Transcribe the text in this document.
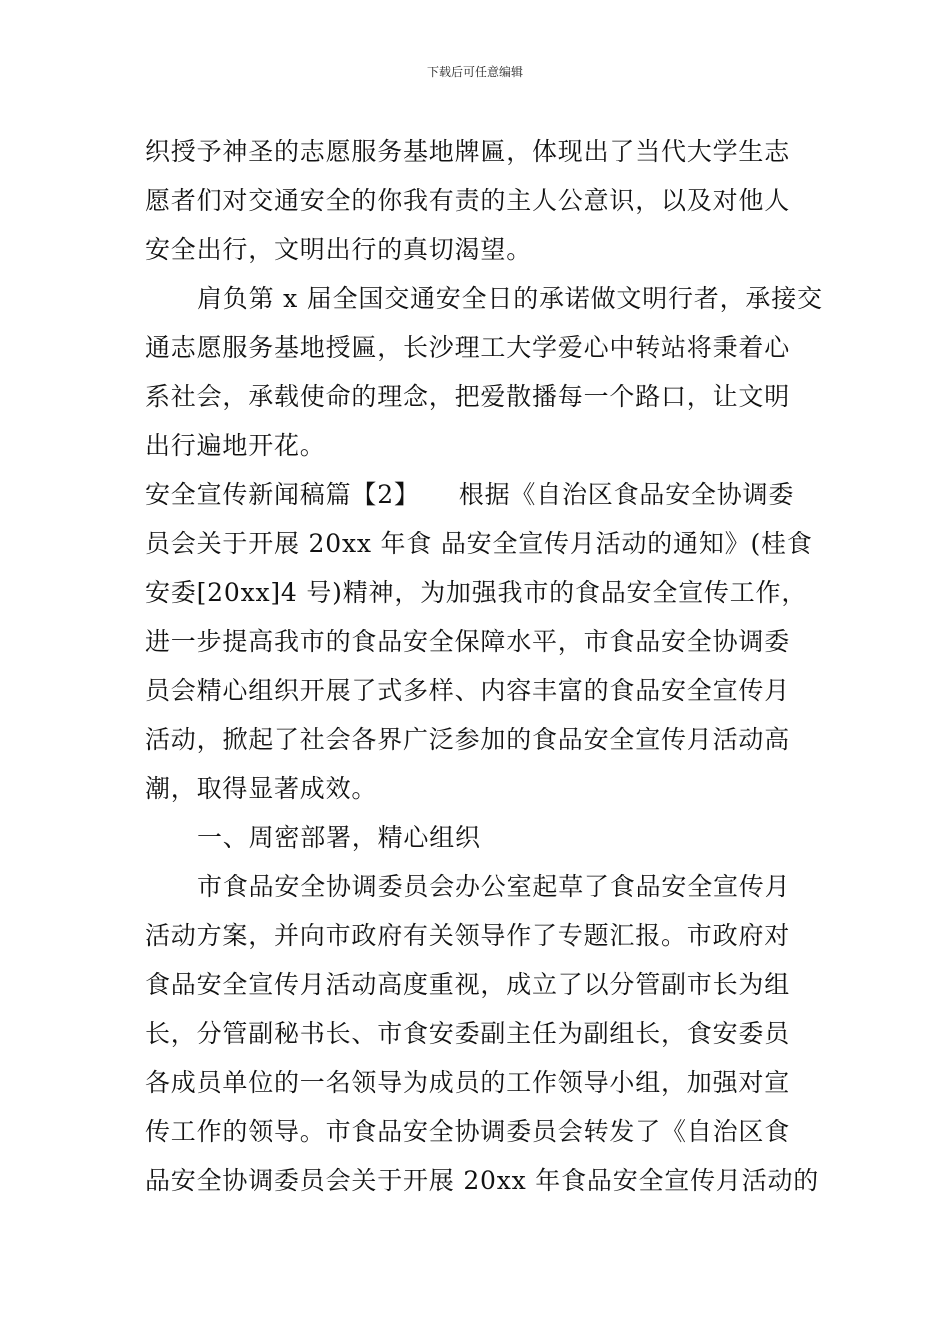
下载后可任意编辑
织授予神圣的志愿服务基地牌匾，体现出了当代大学生志
愿者们对交通安全的你我有责的主人公意识，以及对他人
安全出行，文明出行的真切渴望。
肩负第 x 届全国交通安全日的承诺做文明行者，承接交
通志愿服务基地授匾，长沙理工大学爱心中转站将秉着心
系社会，承载使命的理念，把爱散播每一个路口，让文明
出行遍地开花。
安全宣传新闻稿篇【2】　　根据《自治区食品安全协调委
员会关于开展 20xx 年食 品安全宣传月活动的通知》(桂食
安委[20xx]4 号)精神，为加强我市的食品安全宣传工作，
进一步提高我市的食品安全保障水平，市食品安全协调委
员会精心组织开展了式多样、内容丰富的食品安全宣传月
活动，掀起了社会各界广泛参加的食品安全宣传月活动高
潮，取得显著成效。
一、周密部署，精心组织
市食品安全协调委员会办公室起草了食品安全宣传月
活动方案，并向市政府有关领导作了专题汇报。市政府对
食品安全宣传月活动高度重视，成立了以分管副市长为组
长，分管副秘书长、市食安委副主任为副组长，食安委员
各成员单位的一名领导为成员的工作领导小组，加强对宣
传工作的领导。市食品安全协调委员会转发了《自治区食
品安全协调委员会关于开展 20xx 年食品安全宣传月活动的
